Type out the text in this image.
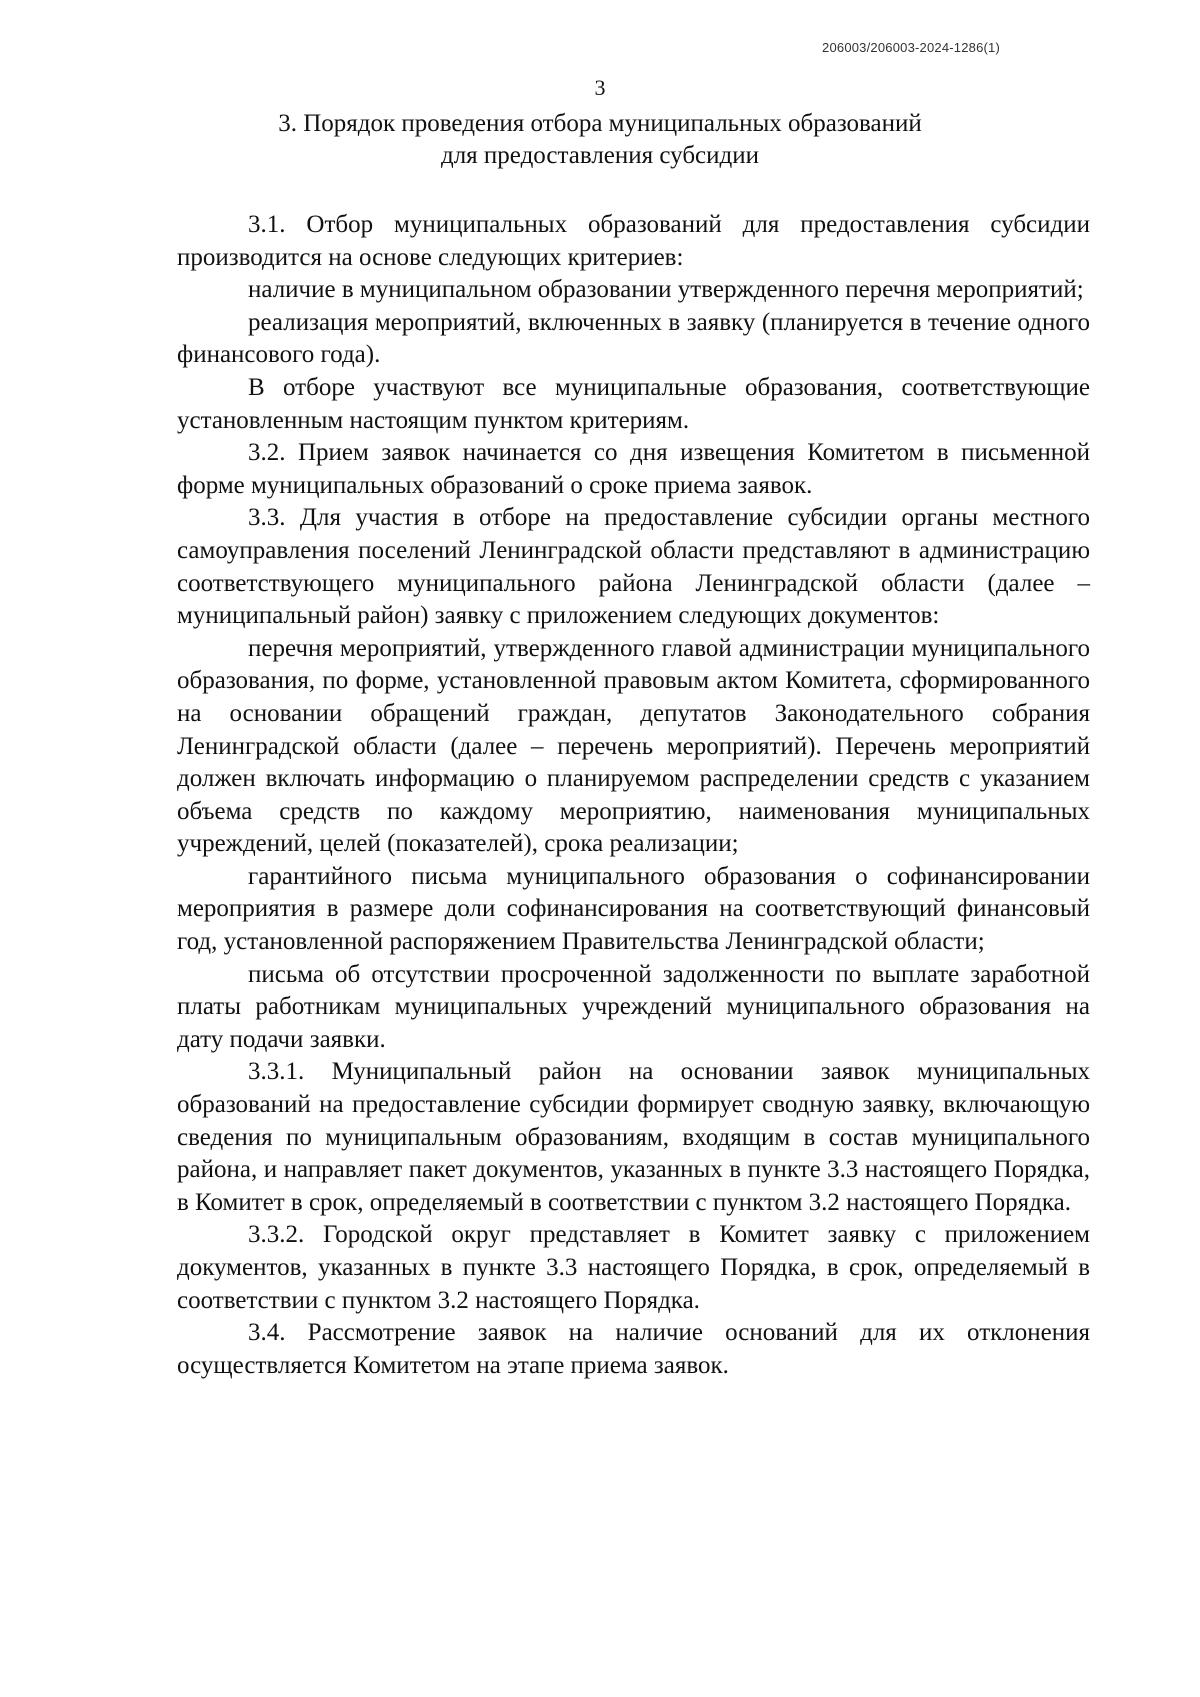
206003/206003-2024-1286(1)
3
3. Порядок проведения отбора муниципальных образований
для предоставления субсидии

3.1. Отбор муниципальных образований для предоставления субсидии производится на основе следующих критериев:

наличие в муниципальном образовании утвержденного перечня мероприятий;

реализация мероприятий, включенных в заявку (планируется в течение одного финансового года).

В отборе участвуют все муниципальные образования, соответствующие установленным настоящим пунктом критериям.

3.2. Прием заявок начинается со дня извещения Комитетом в письменной форме муниципальных образований о сроке приема заявок.

3.3. Для участия в отборе на предоставление субсидии органы местного самоуправления поселений Ленинградской области представляют в администрацию соответствующего муниципального района Ленинградской области (далее – муниципальный район) заявку с приложением следующих документов:

перечня мероприятий, утвержденного главой администрации муниципального образования, по форме, установленной правовым актом Комитета, сформированного на основании обращений граждан, депутатов Законодательного собрания Ленинградской области (далее – перечень мероприятий). Перечень мероприятий должен включать информацию о планируемом распределении средств с указанием объема средств по каждому мероприятию, наименования муниципальных учреждений, целей (показателей), срока реализации;

гарантийного письма муниципального образования о софинансировании мероприятия в размере доли софинансирования на соответствующий финансовый год, установленной распоряжением Правительства Ленинградской области;

письма об отсутствии просроченной задолженности по выплате заработной платы работникам муниципальных учреждений муниципального образования на дату подачи заявки.

3.3.1. Муниципальный район на основании заявок муниципальных образований на предоставление субсидии формирует сводную заявку, включающую сведения по муниципальным образованиям, входящим в состав муниципального района, и направляет пакет документов, указанных в пункте 3.3 настоящего Порядка, в Комитет в срок, определяемый в соответствии с пунктом 3.2 настоящего Порядка.

3.3.2. Городской округ представляет в Комитет заявку с приложением документов, указанных в пункте 3.3 настоящего Порядка, в срок, определяемый в соответствии с пунктом 3.2 настоящего Порядка.

3.4. Рассмотрение заявок на наличие оснований для их отклонения осуществляется Комитетом на этапе приема заявок.
